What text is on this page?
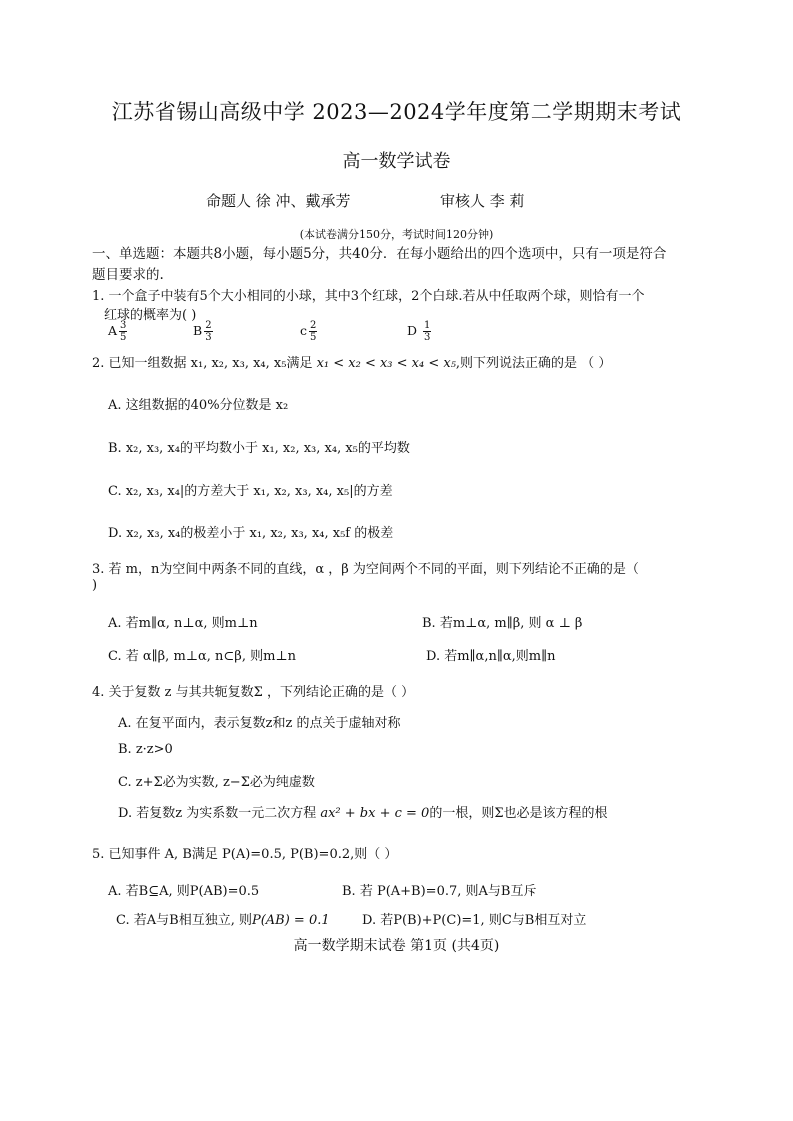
江苏省锡山高级中学 2023—2024学年度第二学期期末考试
高一数学试卷
命题人 徐 冲、戴承芳	审核人 李 莉
(本试卷满分150分，考试时间120分钟)
一、单选题：本题共8小题，每小题5分，共40分．在每小题给出的四个选项中，只有一项是符合
题目要求的.
1. 一个盒子中装有5个大小相同的小球，其中3个红球，2个白球.若从中任取两个球，则恰有一个
红球的概率为( )
A $\frac{3}{5}$	B $\frac{2}{3}$	c $\frac{2}{5}$	D $\frac{1}{3}$
2. 已知一组数据 x₁, x₂, x₃, x₄, x₅满足 x₁ < x₂ < x₃ < x₄ < x₅,则下列说法正确的是 （ ）
A. 这组数据的40%分位数是 x₂
B. x₂, x₃, x₄的平均数小于 x₁, x₂, x₃, x₄, x₅的平均数
C. x₂, x₃, x₄|的方差大于 x₁, x₂, x₃, x₄, x₅|的方差
D. x₂, x₃, x₄的极差小于 x₁, x₂, x₃, x₄, x₅f 的极差
3. 若 m，n为空间中两条不同的直线，α ，β 为空间两个不同的平面，则下列结论不正确的是（
)
A. 若m∥α, n⊥α, 则m⊥n	B. 若m⊥α, m∥β, 则 α ⊥ β
C. 若 α∥β, m⊥α, n⊂β, 则m⊥n	D. 若m∥α,n∥α,则m∥n
4. 关于复数 z 与其共轭复数Σ ，下列结论正确的是（ ）
A. 在复平面内，表示复数z和z 的点关于虚轴对称
B. z·z>0
C. z+Σ必为实数, z−Σ必为纯虚数
D. 若复数z 为实系数一元二次方程 ax² + bx + c = 0的一根，则Σ也必是该方程的根
5. 已知事件 A, B满足 P(A)=0.5, P(B)=0.2,则（ ）
A. 若B⊆A, 则P(AB)=0.5	B. 若 P(A+B)=0.7, 则A与B互斥
C. 若A与B相互独立, 则P(AB) = 0.1 D. 若P(B)+P(C)=1, 则C与B相互对立
高一数学期末试卷 第1页 (共4页)
